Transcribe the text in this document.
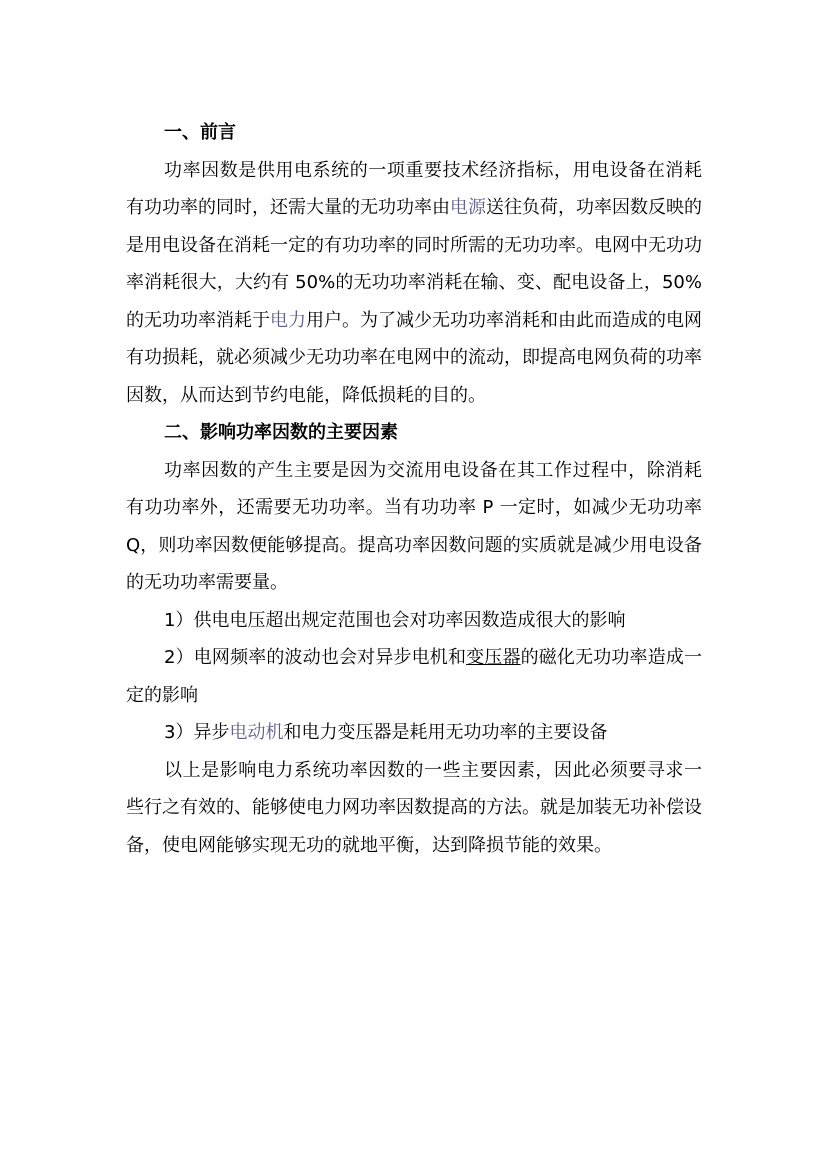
一、前言

功率因数是供用电系统的一项重要技术经济指标，用电设备在消耗有功功率的同时，还需大量的无功功率由电源送往负荷，功率因数反映的是用电设备在消耗一定的有功功率的同时所需的无功功率。电网中无功功率消耗很大，大约有 50%的无功功率消耗在输、变、配电设备上，50%的无功功率消耗于电力用户。为了减少无功功率消耗和由此而造成的电网有功损耗，就必须减少无功功率在电网中的流动，即提高电网负荷的功率因数，从而达到节约电能，降低损耗的目的。

二、影响功率因数的主要因素

功率因数的产生主要是因为交流用电设备在其工作过程中，除消耗有功功率外，还需要无功功率。当有功功率 P 一定时，如减少无功功率 Q，则功率因数便能够提高。提高功率因数问题的实质就是减少用电设备的无功功率需要量。

1）供电电压超出规定范围也会对功率因数造成很大的影响

2）电网频率的波动也会对异步电机和变压器的磁化无功功率造成一定的影响

3）异步电动机和电力变压器是耗用无功功率的主要设备

以上是影响电力系统功率因数的一些主要因素，因此必须要寻求一些行之有效的、能够使电力网功率因数提高的方法。就是加装无功补偿设备，使电网能够实现无功的就地平衡，达到降损节能的效果。
